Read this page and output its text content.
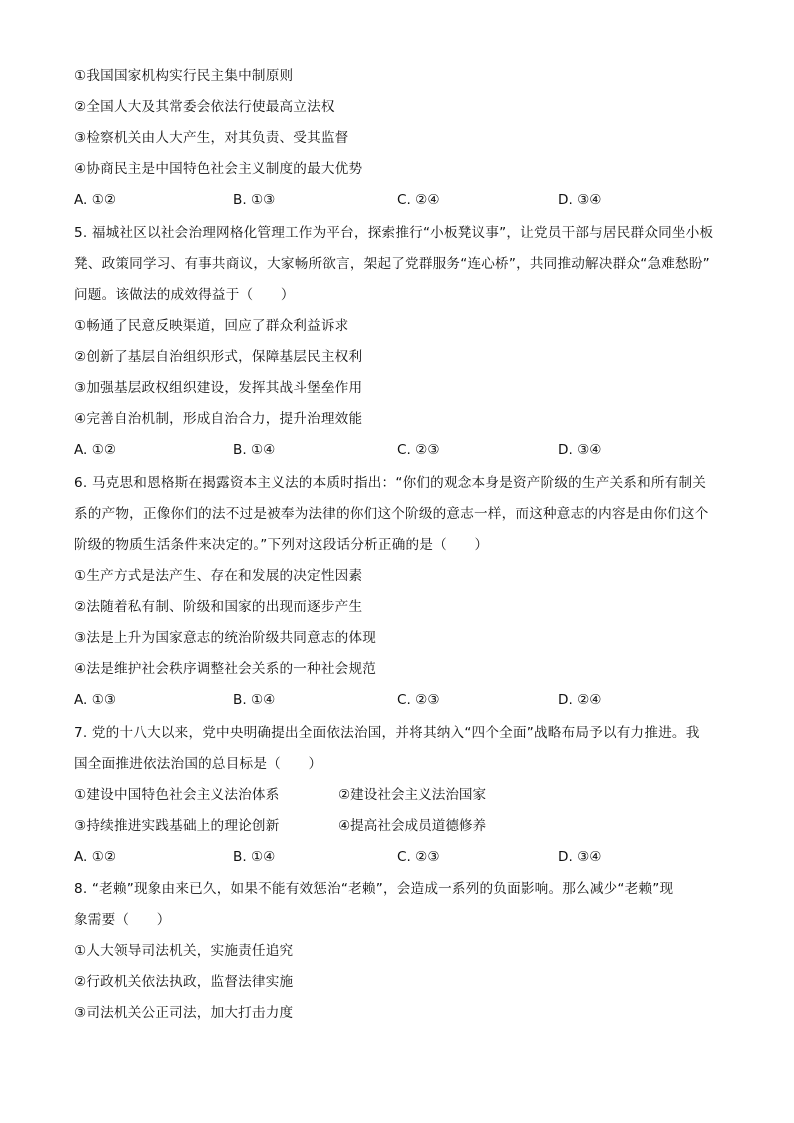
①我国国家机构实行民主集中制原则
②全国人大及其常委会依法行使最高立法权
③检察机关由人大产生，对其负责、受其监督
④协商民主是中国特色社会主义制度的最大优势
A. ①②	B. ①③	C. ②④	D. ③④
5. 福城社区以社会治理网格化管理工作为平台，探索推行“小板凳议事”，让党员干部与居民群众同坐小板
凳、政策同学习、有事共商议，大家畅所欲言，架起了党群服务“连心桥”，共同推动解决群众“急难愁盼”
问题。该做法的成效得益于（　　）
①畅通了民意反映渠道，回应了群众利益诉求
②创新了基层自治组织形式，保障基层民主权利
③加强基层政权组织建设，发挥其战斗堡垒作用
④完善自治机制，形成自治合力，提升治理效能
A. ①②	B. ①④	C. ②③	D. ③④
6. 马克思和恩格斯在揭露资本主义法的本质时指出：“你们的观念本身是资产阶级的生产关系和所有制关
系的产物，正像你们的法不过是被奉为法律的你们这个阶级的意志一样，而这种意志的内容是由你们这个
阶级的物质生活条件来决定的。”下列对这段话分析正确的是（　　）
①生产方式是法产生、存在和发展的决定性因素
②法随着私有制、阶级和国家的出现而逐步产生
③法是上升为国家意志的统治阶级共同意志的体现
④法是维护社会秩序调整社会关系的一种社会规范
A. ①③	B. ①④	C. ②③	D. ②④
7. 党的十八大以来，党中央明确提出全面依法治国，并将其纳入“四个全面”战略布局予以有力推进。我
国全面推进依法治国的总目标是（　　）
①建设中国特色社会主义法治体系	②建设社会主义法治国家
③持续推进实践基础上的理论创新	④提高社会成员道德修养
A. ①②	B. ①④	C. ②③	D. ③④
8. “老赖”现象由来已久，如果不能有效惩治“老赖”，会造成一系列的负面影响。那么减少“老赖”现
象需要（　　）
①人大领导司法机关，实施责任追究
②行政机关依法执政，监督法律实施
③司法机关公正司法，加大打击力度
